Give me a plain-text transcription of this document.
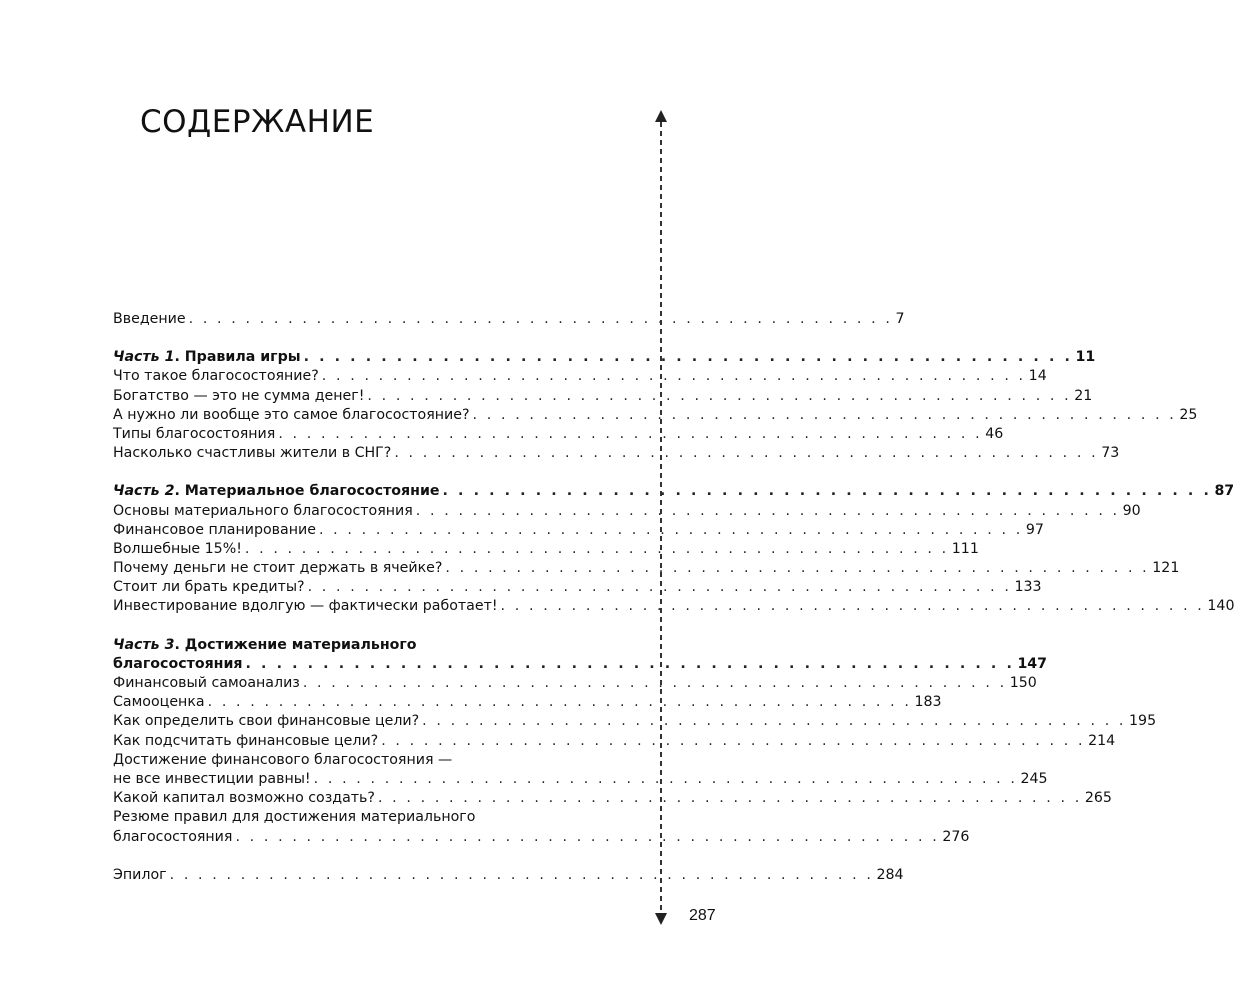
СОДЕРЖАНИЕ
Введение . . . . . . . . . . . . . . . . . . . . . . . . . . . . . . . . . . . . . . . . . . . . . . . . . . 7
Часть 1. Правила игры . . . . . . . . . . . . . . . . . . . . . . . . . . . . . . . . . . . . . . . . . . . . . . . . . . 11
Что такое благосостояние? . . . . . . . . . . . . . . . . . . . . . . . . . . . . . . . . . . . . . . . . . . . . . . . . . . 14
Богатство — это не сумма денег! . . . . . . . . . . . . . . . . . . . . . . . . . . . . . . . . . . . . . . . . . . . . . . . . . . 21
А нужно ли вообще это самое благосостояние? . . . . . . . . . . . . . . . . . . . . . . . . . . . . . . . . . . . . . . . . . . . . . . . . . . 25
Типы благосостояния . . . . . . . . . . . . . . . . . . . . . . . . . . . . . . . . . . . . . . . . . . . . . . . . . . 46
Насколько счастливы жители в СНГ? . . . . . . . . . . . . . . . . . . . . . . . . . . . . . . . . . . . . . . . . . . . . . . . . . . 73
Часть 2. Материальное благосостояние . . . . . . . . . . . . . . . . . . . . . . . . . . . . . . . . . . . . . . . . . . . . . . . . . . 87
Основы материального благосостояния . . . . . . . . . . . . . . . . . . . . . . . . . . . . . . . . . . . . . . . . . . . . . . . . . . 90
Финансовое планирование . . . . . . . . . . . . . . . . . . . . . . . . . . . . . . . . . . . . . . . . . . . . . . . . . . 97
Волшебные 15%! . . . . . . . . . . . . . . . . . . . . . . . . . . . . . . . . . . . . . . . . . . . . . . . . . . 111
Почему деньги не стоит держать в ячейке? . . . . . . . . . . . . . . . . . . . . . . . . . . . . . . . . . . . . . . . . . . . . . . . . . . 121
Стоит ли брать кредиты? . . . . . . . . . . . . . . . . . . . . . . . . . . . . . . . . . . . . . . . . . . . . . . . . . . 133
Инвестирование вдолгую — фактически работает! . . . . . . . . . . . . . . . . . . . . . . . . . . . . . . . . . . . . . . . . . . . . . . . . . . 140
Часть 3. Достижение материального
благосостояния . . . . . . . . . . . . . . . . . . . . . . . . . . . . . . . . . . . . . . . . . . . . . . . . . . 147
Финансовый самоанализ . . . . . . . . . . . . . . . . . . . . . . . . . . . . . . . . . . . . . . . . . . . . . . . . . . 150
Самооценка . . . . . . . . . . . . . . . . . . . . . . . . . . . . . . . . . . . . . . . . . . . . . . . . . . 183
Как определить свои финансовые цели? . . . . . . . . . . . . . . . . . . . . . . . . . . . . . . . . . . . . . . . . . . . . . . . . . . 195
Как подсчитать финансовые цели? . . . . . . . . . . . . . . . . . . . . . . . . . . . . . . . . . . . . . . . . . . . . . . . . . . 214
Достижение финансового благосостояния —
не все инвестиции равны! . . . . . . . . . . . . . . . . . . . . . . . . . . . . . . . . . . . . . . . . . . . . . . . . . . 245
Какой капитал возможно создать? . . . . . . . . . . . . . . . . . . . . . . . . . . . . . . . . . . . . . . . . . . . . . . . . . . 265
Резюме правил для достижения материального
благосостояния . . . . . . . . . . . . . . . . . . . . . . . . . . . . . . . . . . . . . . . . . . . . . . . . . . 276
Эпилог . . . . . . . . . . . . . . . . . . . . . . . . . . . . . . . . . . . . . . . . . . . . . . . . . . 284
287
